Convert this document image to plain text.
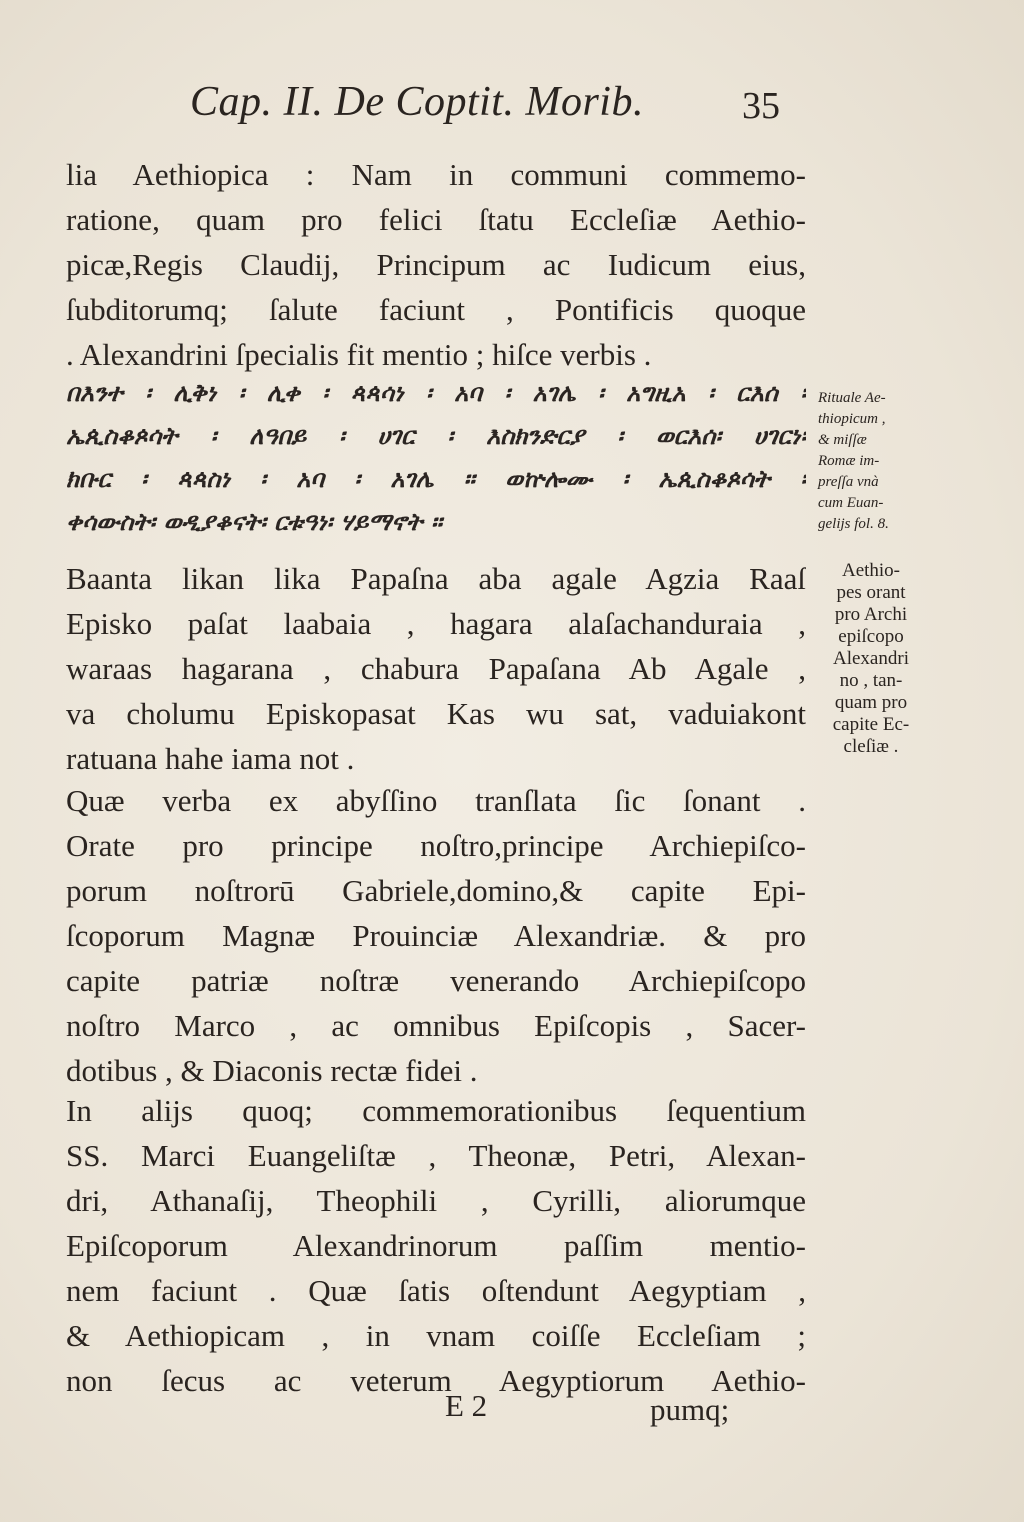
Cap. II. De Coptit. Morib.	35
lia Aethiopica : Nam in communi commemo-
ratione, quam pro felici ſtatu Eccleſiæ Aethio-
picæ,Regis Claudij, Principum ac Iudicum eius,
ſubditorumq; ſalute faciunt , Pontificis quoque
. Alexandrini ſpecialis fit mentio ; hiſce verbis .
በእንተ ፡ ሊቅነ ፡ ሊቀ ፡ ጳጳሳነ ፡ አባ ፡ አገሌ ፡ አግዚአ ፡ ርእሰ ፡
ኤጲስቆጶሳት ፡ ለዓበይ ፡ ሀገር ፡ እስክንድርያ ፡ ወርእሰ፡ ሀገርነ፡
ክቡር ፡ ጳጳስነ ፡ አባ ፡ አገሌ ። ወኵሎሙ ፡ ኤጲስቆጶሳት ፡
ቀሳውስት፡ ወዲያቆናት፡ ርቱዓነ፡ ሃይማኖት ።
Baanta likan lika Papaſna aba agale Agzia Raaſ
Episko paſat laabaia , hagara alaſachanduraia ,
waraas hagarana , chabura Papaſana Ab Agale ,
va cholumu Episkopasat Kas wu sat, vaduiakont
ratuana hahe iama not .
Quæ verba ex abyſſino tranſlata ſic ſonant .
Orate pro principe noſtro,principe Archiepiſco-
porum noſtrorū Gabriele,domino,& capite Epi-
ſcoporum Magnæ Prouinciæ Alexandriæ. & pro
capite patriæ noſtræ venerando Archiepiſcopo
noſtro Marco , ac omnibus Epiſcopis , Sacer-
dotibus , & Diaconis rectæ fidei .
In alijs quoq; commemorationibus ſequentium
SS. Marci Euangeliſtæ , Theonæ, Petri, Alexan-
dri, Athanaſij, Theophili , Cyrilli, aliorumque
Epiſcoporum Alexandrinorum paſſim mentio-
nem faciunt . Quæ ſatis oſtendunt Aegyptiam ,
& Aethiopicam , in vnam coiſſe Eccleſiam ;
non ſecus ac veterum Aegyptiorum Aethio-
Rituale Ae-
thiopicum ,
& miſſæ
Romæ im-
preſſa vnà
cum Euan-
gelijs fol. 8.
Aethio-
pes orant
pro Archi
epiſcopo
Alexandri
no , tan-
quam pro
capite Ec-
cleſiæ .
E 2	pumq;
